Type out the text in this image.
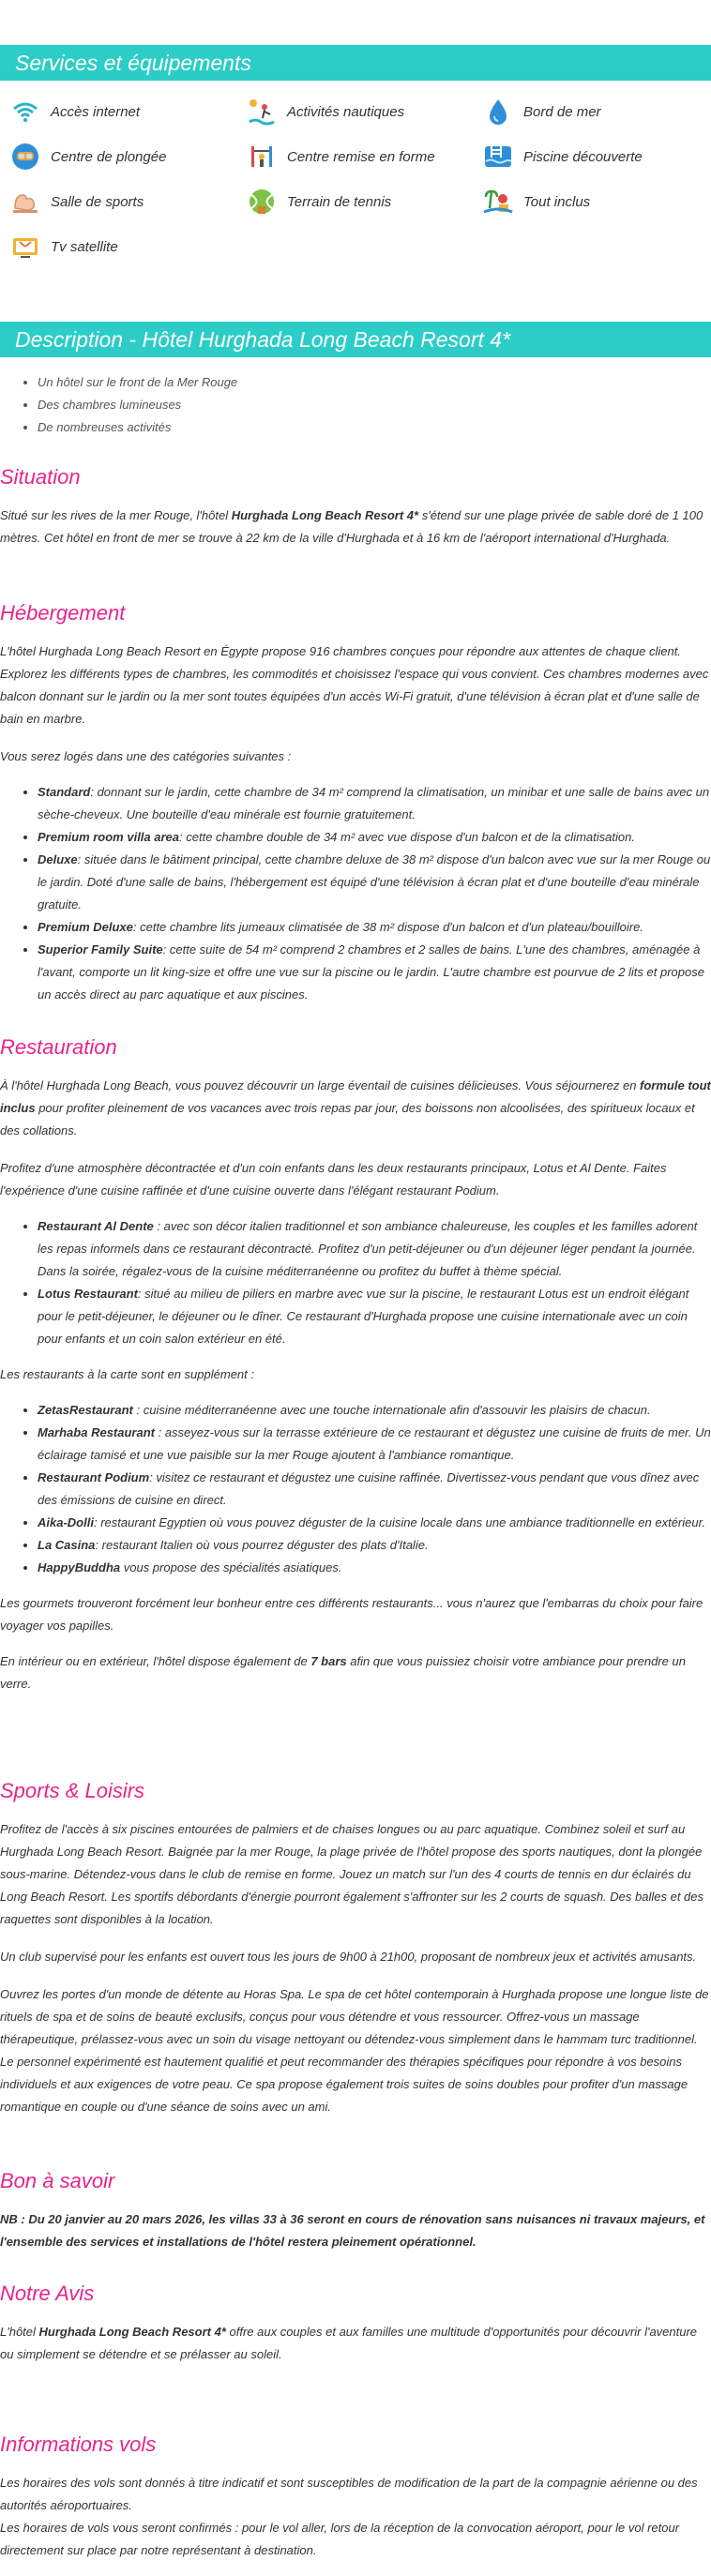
Services et équipements
Accès internet	Activités nautiques	Bord de mer
Centre de plongée	Centre remise en forme	Piscine découverte
Salle de sports	Terrain de tennis	Tout inclus
Tv satellite
Description - Hôtel Hurghada Long Beach Resort 4*
• Un hôtel sur le front de la Mer Rouge
• Des chambres lumineuses
• De nombreuses activités
Situation

Situé sur les rives de la mer Rouge, l'hôtel Hurghada Long Beach Resort 4* s'étend sur une plage privée de sable doré de 1 100 mètres. Cet hôtel en front de mer se trouve à 22 km de la ville d'Hurghada et à 16 km de l'aéroport international d'Hurghada.

Hébergement

L'hôtel Hurghada Long Beach Resort en Égypte propose 916 chambres conçues pour répondre aux attentes de chaque client. Explorez les différents types de chambres, les commodités et choisissez l'espace qui vous convient. Ces chambres modernes avec balcon donnant sur le jardin ou la mer sont toutes équipées d'un accès Wi-Fi gratuit, d'une télévision à écran plat et d'une salle de bain en marbre.

Vous serez logés dans une des catégories suivantes :

• Standard: donnant sur le jardin, cette chambre de 34 m² comprend la climatisation, un minibar et une salle de bains avec un sèche-cheveux. Une bouteille d'eau minérale est fournie gratuitement.
• Premium room villa area: cette chambre double de 34 m² avec vue dispose d'un balcon et de la climatisation.
• Deluxe: située dans le bâtiment principal, cette chambre deluxe de 38 m² dispose d'un balcon avec vue sur la mer Rouge ou le jardin. Doté d'une salle de bains, l'hébergement est équipé d'une télévision à écran plat et d'une bouteille d'eau minérale gratuite.
• Premium Deluxe: cette chambre lits jumeaux climatisée de 38 m² dispose d'un balcon et d'un plateau/bouilloire.
• Superior Family Suite: cette suite de 54 m² comprend 2 chambres et 2 salles de bains. L'une des chambres, aménagée à l'avant, comporte un lit king-size et offre une vue sur la piscine ou le jardin. L'autre chambre est pourvue de 2 lits et propose un accès direct au parc aquatique et aux piscines.
Restauration

À l'hôtel Hurghada Long Beach, vous pouvez découvrir un large éventail de cuisines délicieuses. Vous séjournerez en formule tout inclus pour profiter pleinement de vos vacances avec trois repas par jour, des boissons non alcoolisées, des spiritueux locaux et des collations.

Profitez d'une atmosphère décontractée et d'un coin enfants dans les deux restaurants principaux, Lotus et Al Dente. Faites l'expérience d'une cuisine raffinée et d'une cuisine ouverte dans l'élégant restaurant Podium.

• Restaurant Al Dente : avec son décor italien traditionnel et son ambiance chaleureuse, les couples et les familles adorent les repas informels dans ce restaurant décontracté. Profitez d'un petit-déjeuner ou d'un déjeuner léger pendant la journée. Dans la soirée, régalez-vous de la cuisine méditerranéenne ou profitez du buffet à thème spécial.
• Lotus Restaurant: situé au milieu de piliers en marbre avec vue sur la piscine, le restaurant Lotus est un endroit élégant pour le petit-déjeuner, le déjeuner ou le dîner. Ce restaurant d'Hurghada propose une cuisine internationale avec un coin pour enfants et un coin salon extérieur en été.

Les restaurants à la carte sont en supplément :

• ZetasRestaurant : cuisine méditerranéenne avec une touche internationale afin d'assouvir les plaisirs de chacun.
• Marhaba Restaurant : asseyez-vous sur la terrasse extérieure de ce restaurant et dégustez une cuisine de fruits de mer. Un éclairage tamisé et une vue paisible sur la mer Rouge ajoutent à l'ambiance romantique.
• Restaurant Podium: visitez ce restaurant et dégustez une cuisine raffinée. Divertissez-vous pendant que vous dînez avec des émissions de cuisine en direct.
• Aika-Dolli: restaurant Egyptien où vous pouvez déguster de la cuisine locale dans une ambiance traditionnelle en extérieur.
• La Casina: restaurant Italien où vous pourrez déguster des plats d'Italie.
• HappyBuddha vous propose des spécialités asiatiques.

Les gourmets trouveront forcément leur bonheur entre ces différents restaurants... vous n'aurez que l'embarras du choix pour faire voyager vos papilles.

En intérieur ou en extérieur, l'hôtel dispose également de 7 bars afin que vous puissiez choisir votre ambiance pour prendre un verre.

Sports & Loisirs

Profitez de l'accès à six piscines entourées de palmiers et de chaises longues ou au parc aquatique. Combinez soleil et surf au Hurghada Long Beach Resort. Baignée par la mer Rouge, la plage privée de l'hôtel propose des sports nautiques, dont la plongée sous-marine. Détendez-vous dans le club de remise en forme. Jouez un match sur l'un des 4 courts de tennis en dur éclairés du Long Beach Resort. Les sportifs débordants d'énergie pourront également s'affronter sur les 2 courts de squash. Des balles et des raquettes sont disponibles à la location.

Un club supervisé pour les enfants est ouvert tous les jours de 9h00 à 21h00, proposant de nombreux jeux et activités amusants.

Ouvrez les portes d'un monde de détente au Horas Spa. Le spa de cet hôtel contemporain à Hurghada propose une longue liste de rituels de spa et de soins de beauté exclusifs, conçus pour vous détendre et vous ressourcer. Offrez-vous un massage thérapeutique, prélassez-vous avec un soin du visage nettoyant ou détendez-vous simplement dans le hammam turc traditionnel. Le personnel expérimenté est hautement qualifié et peut recommander des thérapies spécifiques pour répondre à vos besoins individuels et aux exigences de votre peau. Ce spa propose également trois suites de soins doubles pour profiter d'un massage romantique en couple ou d'une séance de soins avec un ami.

Bon à savoir

NB : Du 20 janvier au 20 mars 2026, les villas 33 à 36 seront en cours de rénovation sans nuisances ni travaux majeurs, et l'ensemble des services et installations de l'hôtel restera pleinement opérationnel.

Notre Avis

L'hôtel Hurghada Long Beach Resort 4* offre aux couples et aux familles une multitude d'opportunités pour découvrir l'aventure ou simplement se détendre et se prélasser au soleil.

Informations vols

Les horaires des vols sont donnés à titre indicatif et sont susceptibles de modification de la part de la compagnie aérienne ou des autorités aéroportuaires.

Les horaires de vols vous seront confirmés : pour le vol aller, lors de la réception de la convocation aéroport, pour le vol retour directement sur place par notre représentant à destination.
